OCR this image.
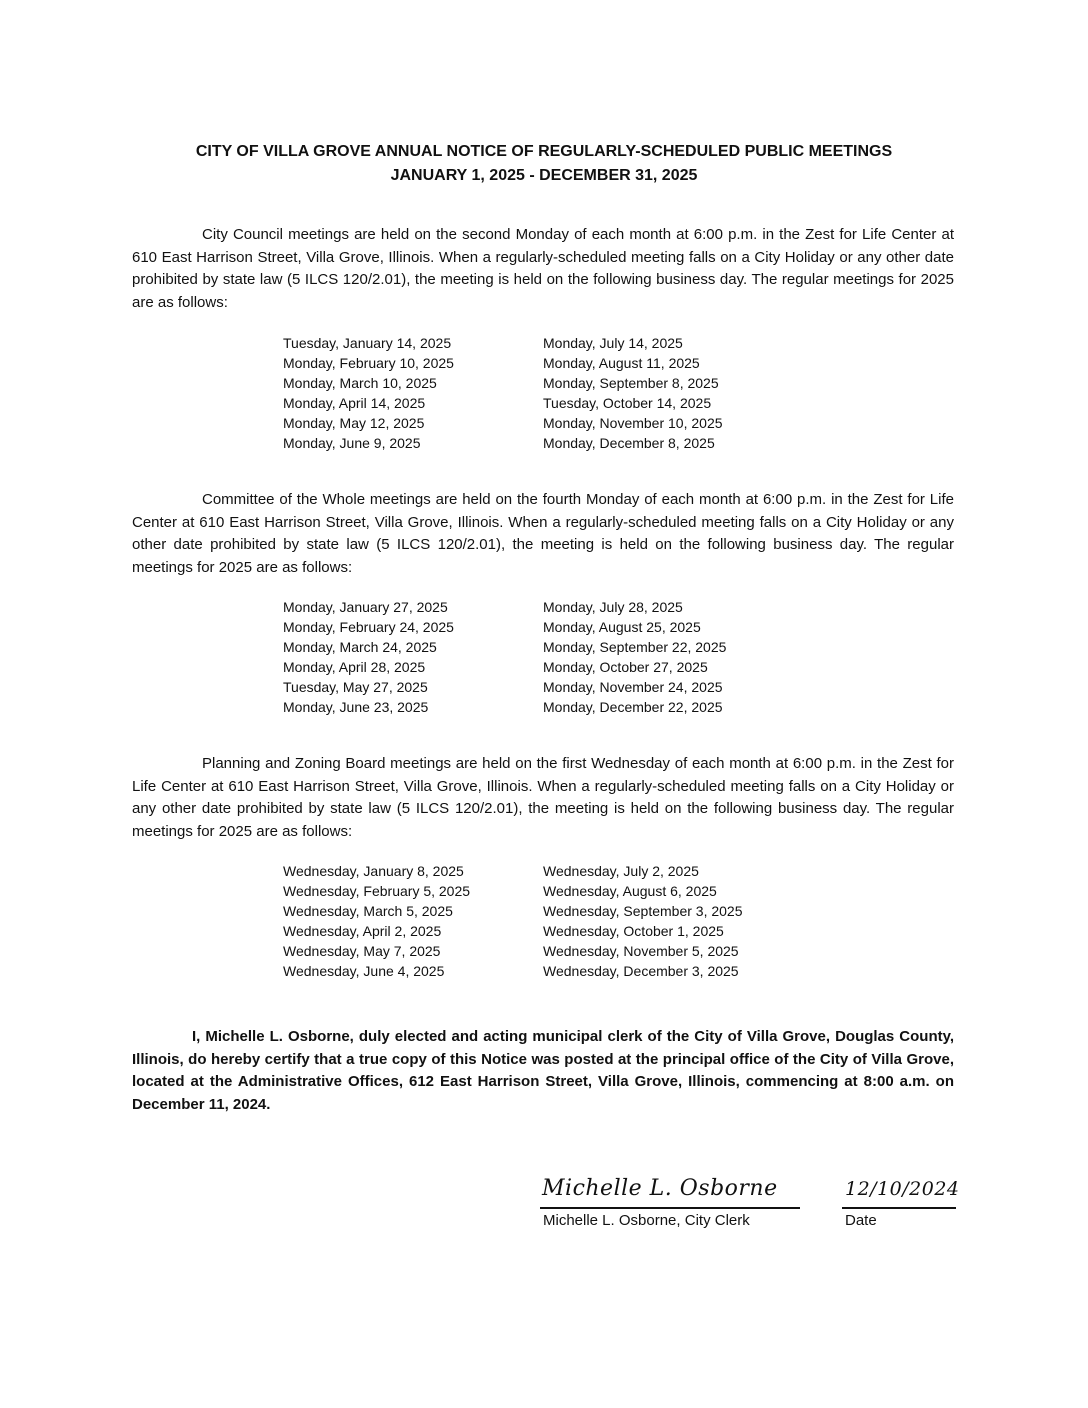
CITY OF VILLA GROVE ANNUAL NOTICE OF REGULARLY-SCHEDULED PUBLIC MEETINGS
JANUARY 1, 2025 - DECEMBER 31, 2025

City Council meetings are held on the second Monday of each month at 6:00 p.m. in the Zest for Life Center at 610 East Harrison Street, Villa Grove, Illinois. When a regularly-scheduled meeting falls on a City Holiday or any other date prohibited by state law (5 ILCS 120/2.01), the meeting is held on the following business day. The regular meetings for 2025 are as follows:

Tuesday, January 14, 2025
Monday, February 10, 2025
Monday, March 10, 2025
Monday, April 14, 2025
Monday, May 12, 2025
Monday, June 9, 2025
Monday, July 14, 2025
Monday, August 11, 2025
Monday, September 8, 2025
Tuesday, October 14, 2025
Monday, November 10, 2025
Monday, December 8, 2025

Committee of the Whole meetings are held on the fourth Monday of each month at 6:00 p.m. in the Zest for Life Center at 610 East Harrison Street, Villa Grove, Illinois. When a regularly-scheduled meeting falls on a City Holiday or any other date prohibited by state law (5 ILCS 120/2.01), the meeting is held on the following business day. The regular meetings for 2025 are as follows:

Monday, January 27, 2025
Monday, February 24, 2025
Monday, March 24, 2025
Monday, April 28, 2025
Tuesday, May 27, 2025
Monday, June 23, 2025
Monday, July 28, 2025
Monday, August 25, 2025
Monday, September 22, 2025
Monday, October 27, 2025
Monday, November 24, 2025
Monday, December 22, 2025

Planning and Zoning Board meetings are held on the first Wednesday of each month at 6:00 p.m. in the Zest for Life Center at 610 East Harrison Street, Villa Grove, Illinois. When a regularly-scheduled meeting falls on a City Holiday or any other date prohibited by state law (5 ILCS 120/2.01), the meeting is held on the following business day. The regular meetings for 2025 are as follows:

Wednesday, January 8, 2025
Wednesday, February 5, 2025
Wednesday, March 5, 2025
Wednesday, April 2, 2025
Wednesday, May 7, 2025
Wednesday, June 4, 2025
Wednesday, July 2, 2025
Wednesday, August 6, 2025
Wednesday, September 3, 2025
Wednesday, October 1, 2025
Wednesday, November 5, 2025
Wednesday, December 3, 2025

I, Michelle L. Osborne, duly elected and acting municipal clerk of the City of Villa Grove, Douglas County, Illinois, do hereby certify that a true copy of this Notice was posted at the principal office of the City of Villa Grove, located at the Administrative Offices, 612 East Harrison Street, Villa Grove, Illinois, commencing at 8:00 a.m. on December 11, 2024.

Michelle L. Osborne
Michelle L. Osborne, City Clerk
12/10/2024
Date
